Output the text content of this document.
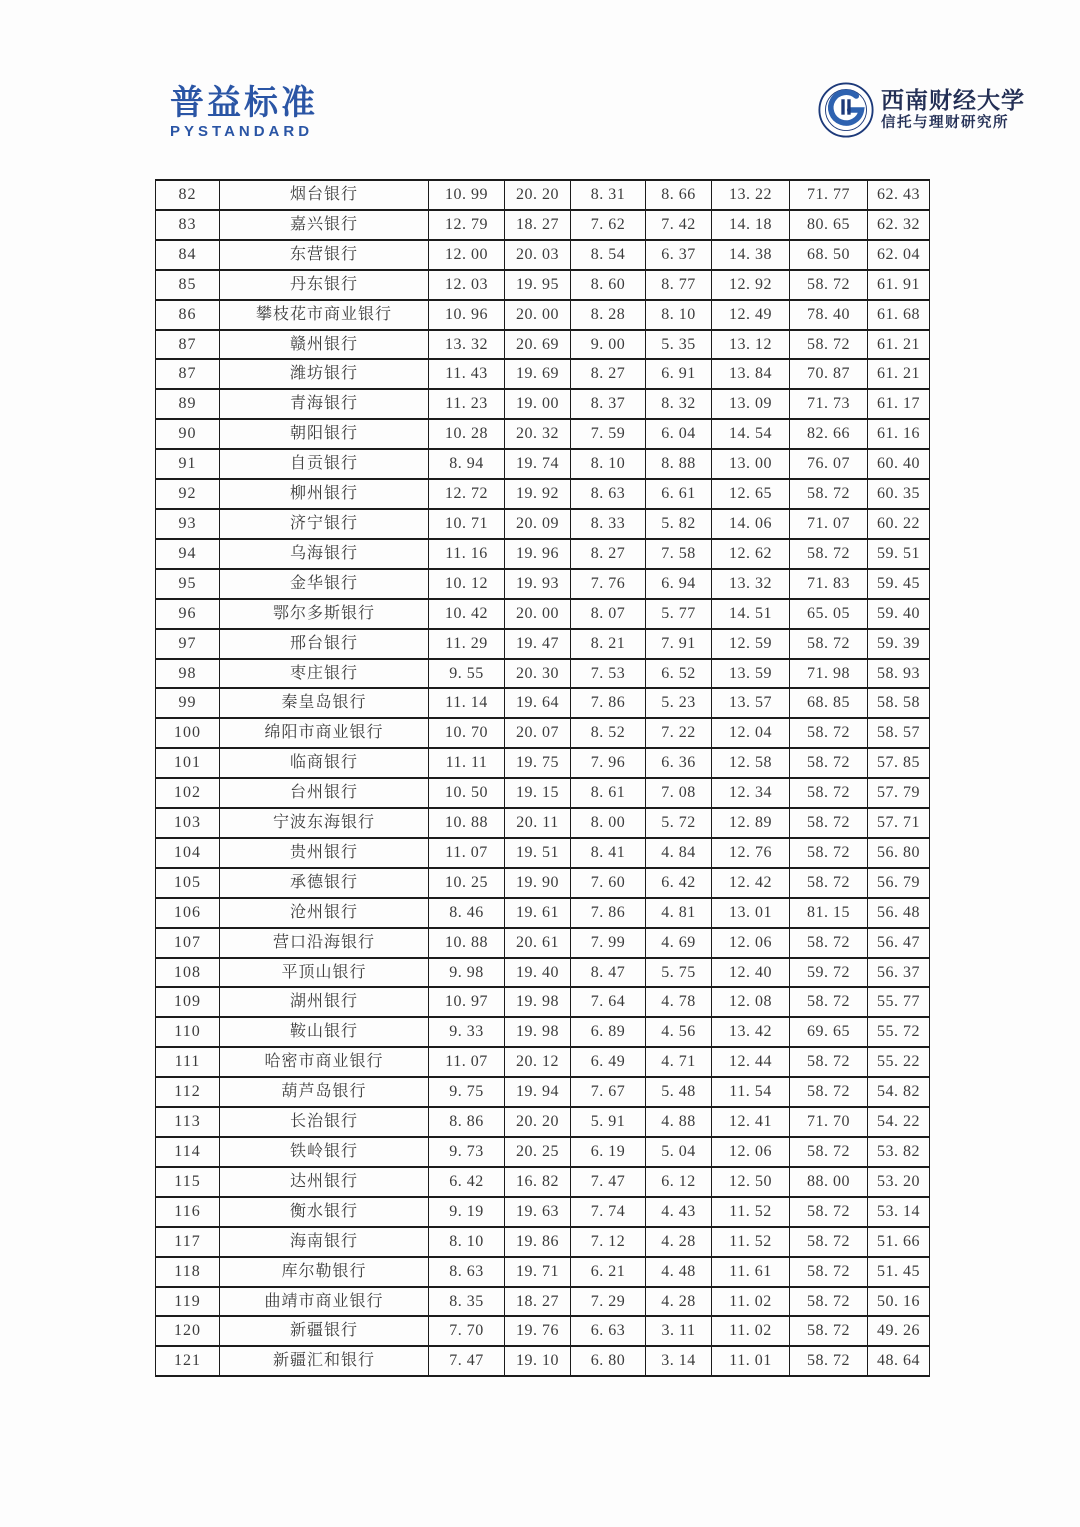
普益标准
PYSTANDARD
西南财经大学
信托与理财研究所
82	烟台银行	10. 99	20. 20	8. 31	8. 66	13. 22	71. 77	62. 43
83	嘉兴银行	12. 79	18. 27	7. 62	7. 42	14. 18	80. 65	62. 32
84	东营银行	12. 00	20. 03	8. 54	6. 37	14. 38	68. 50	62. 04
85	丹东银行	12. 03	19. 95	8. 60	8. 77	12. 92	58. 72	61. 91
86	攀枝花市商业银行	10. 96	20. 00	8. 28	8. 10	12. 49	78. 40	61. 68
87	赣州银行	13. 32	20. 69	9. 00	5. 35	13. 12	58. 72	61. 21
87	潍坊银行	11. 43	19. 69	8. 27	6. 91	13. 84	70. 87	61. 21
89	青海银行	11. 23	19. 00	8. 37	8. 32	13. 09	71. 73	61. 17
90	朝阳银行	10. 28	20. 32	7. 59	6. 04	14. 54	82. 66	61. 16
91	自贡银行	8. 94	19. 74	8. 10	8. 88	13. 00	76. 07	60. 40
92	柳州银行	12. 72	19. 92	8. 63	6. 61	12. 65	58. 72	60. 35
93	济宁银行	10. 71	20. 09	8. 33	5. 82	14. 06	71. 07	60. 22
94	乌海银行	11. 16	19. 96	8. 27	7. 58	12. 62	58. 72	59. 51
95	金华银行	10. 12	19. 93	7. 76	6. 94	13. 32	71. 83	59. 45
96	鄂尔多斯银行	10. 42	20. 00	8. 07	5. 77	14. 51	65. 05	59. 40
97	邢台银行	11. 29	19. 47	8. 21	7. 91	12. 59	58. 72	59. 39
98	枣庄银行	9. 55	20. 30	7. 53	6. 52	13. 59	71. 98	58. 93
99	秦皇岛银行	11. 14	19. 64	7. 86	5. 23	13. 57	68. 85	58. 58
100	绵阳市商业银行	10. 70	20. 07	8. 52	7. 22	12. 04	58. 72	58. 57
101	临商银行	11. 11	19. 75	7. 96	6. 36	12. 58	58. 72	57. 85
102	台州银行	10. 50	19. 15	8. 61	7. 08	12. 34	58. 72	57. 79
103	宁波东海银行	10. 88	20. 11	8. 00	5. 72	12. 89	58. 72	57. 71
104	贵州银行	11. 07	19. 51	8. 41	4. 84	12. 76	58. 72	56. 80
105	承德银行	10. 25	19. 90	7. 60	6. 42	12. 42	58. 72	56. 79
106	沧州银行	8. 46	19. 61	7. 86	4. 81	13. 01	81. 15	56. 48
107	营口沿海银行	10. 88	20. 61	7. 99	4. 69	12. 06	58. 72	56. 47
108	平顶山银行	9. 98	19. 40	8. 47	5. 75	12. 40	59. 72	56. 37
109	湖州银行	10. 97	19. 98	7. 64	4. 78	12. 08	58. 72	55. 77
110	鞍山银行	9. 33	19. 98	6. 89	4. 56	13. 42	69. 65	55. 72
111	哈密市商业银行	11. 07	20. 12	6. 49	4. 71	12. 44	58. 72	55. 22
112	葫芦岛银行	9. 75	19. 94	7. 67	5. 48	11. 54	58. 72	54. 82
113	长治银行	8. 86	20. 20	5. 91	4. 88	12. 41	71. 70	54. 22
114	铁岭银行	9. 73	20. 25	6. 19	5. 04	12. 06	58. 72	53. 82
115	达州银行	6. 42	16. 82	7. 47	6. 12	12. 50	88. 00	53. 20
116	衡水银行	9. 19	19. 63	7. 74	4. 43	11. 52	58. 72	53. 14
117	海南银行	8. 10	19. 86	7. 12	4. 28	11. 52	58. 72	51. 66
118	库尔勒银行	8. 63	19. 71	6. 21	4. 48	11. 61	58. 72	51. 45
119	曲靖市商业银行	8. 35	18. 27	7. 29	4. 28	11. 02	58. 72	50. 16
120	新疆银行	7. 70	19. 76	6. 63	3. 11	11. 02	58. 72	49. 26
121	新疆汇和银行	7. 47	19. 10	6. 80	3. 14	11. 01	58. 72	48. 64
